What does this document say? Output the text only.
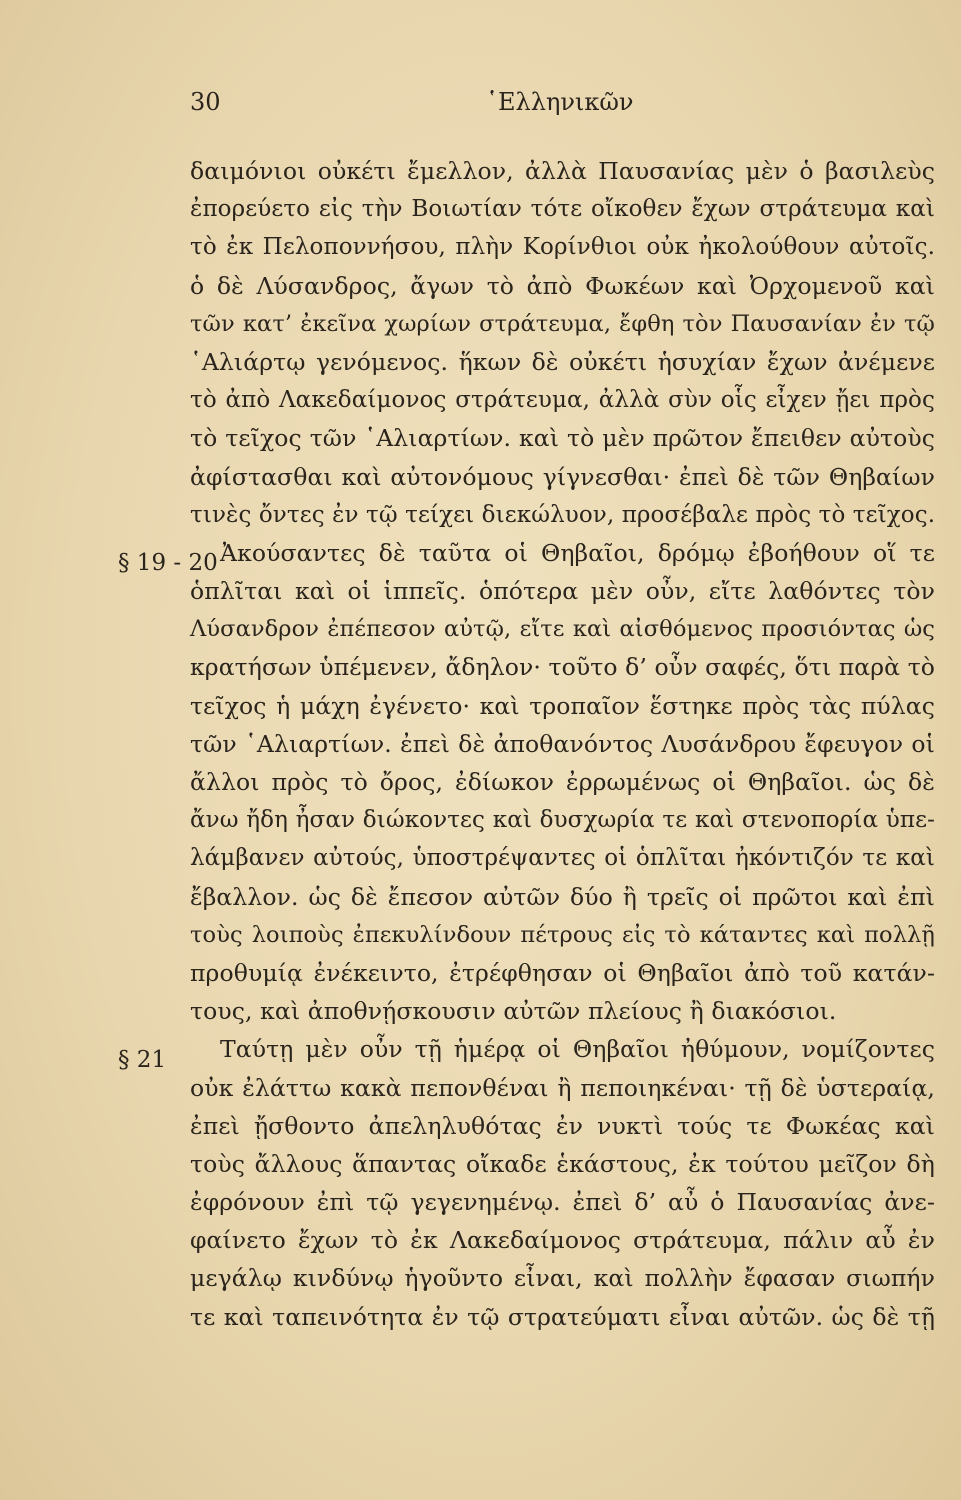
30	῾Ελληνικῶν
§ 19 - 20
§ 21
δαιμόνιοι οὐκέτι ἔμελλον, ἀλλὰ Παυσανίας μὲν ὁ βασιλεὺς
ἐπορεύετο εἰς τὴν Βοιωτίαν τότε οἴκοθεν ἔχων στράτευμα καὶ
τὸ ἐκ Πελοποννήσου, πλὴν Κορίνθιοι οὐκ ἠκολούθουν αὐτοῖς.
ὁ δὲ Λύσανδρος, ἄγων τὸ ἀπὸ Φωκέων καὶ Ὀρχομενοῦ καὶ
τῶν κατ’ ἐκεῖνα χωρίων στράτευμα, ἔφθη τὸν Παυσανίαν ἐν τῷ
῾Αλιάρτῳ γενόμενος. ἥκων δὲ οὐκέτι ἡσυχίαν ἔχων ἀνέμενε
τὸ ἀπὸ Λακεδαίμονος στράτευμα, ἀλλὰ σὺν οἷς εἶχεν ᾔει πρὸς
τὸ τεῖχος τῶν ῾Αλιαρτίων. καὶ τὸ μὲν πρῶτον ἔπειθεν αὐτοὺς
ἀφίστασθαι καὶ αὐτονόμους γίγνεσθαι· ἐπεὶ δὲ τῶν Θηβαίων
τινὲς ὄντες ἐν τῷ τείχει διεκώλυον, προσέβαλε πρὸς τὸ τεῖχος.
Ἀκούσαντες δὲ ταῦτα οἱ Θηβαῖοι, δρόμῳ ἐβοήθουν οἵ τε
ὁπλῖται καὶ οἱ ἱππεῖς. ὁπότερα μὲν οὖν, εἴτε λαθόντες τὸν
Λύσανδρον ἐπέπεσον αὐτῷ, εἴτε καὶ αἰσθόμενος προσιόντας ὡς
κρατήσων ὑπέμενεν, ἄδηλον· τοῦτο δ’ οὖν σαφές, ὅτι παρὰ τὸ
τεῖχος ἡ μάχη ἐγένετο· καὶ τροπαῖον ἕστηκε πρὸς τὰς πύλας
τῶν ῾Αλιαρτίων. ἐπεὶ δὲ ἀποθανόντος Λυσάνδρου ἔφευγον οἱ
ἄλλοι πρὸς τὸ ὄρος, ἐδίωκον ἐρρωμένως οἱ Θηβαῖοι. ὡς δὲ
ἄνω ἤδη ἦσαν διώκοντες καὶ δυσχωρία τε καὶ στενοπορία ὑπε-
λάμβανεν αὐτούς, ὑποστρέψαντες οἱ ὁπλῖται ἠκόντιζόν τε καὶ
ἔβαλλον. ὡς δὲ ἔπεσον αὐτῶν δύο ἢ τρεῖς οἱ πρῶτοι καὶ ἐπὶ
τοὺς λοιποὺς ἐπεκυλίνδουν πέτρους εἰς τὸ κάταντες καὶ πολλῇ
προθυμίᾳ ἐνέκειντο, ἐτρέφθησαν οἱ Θηβαῖοι ἀπὸ τοῦ κατάν-
τους, καὶ ἀποθνῄσκουσιν αὐτῶν πλείους ἢ διακόσιοι.
Ταύτῃ μὲν οὖν τῇ ἡμέρᾳ οἱ Θηβαῖοι ἠθύμουν, νομίζοντες
οὐκ ἐλάττω κακὰ πεπονθέναι ἢ πεποιηκέναι· τῇ δὲ ὑστεραίᾳ,
ἐπεὶ ᾔσθοντο ἀπεληλυθότας ἐν νυκτὶ τούς τε Φωκέας καὶ
τοὺς ἄλλους ἅπαντας οἴκαδε ἑκάστους, ἐκ τούτου μεῖζον δὴ
ἐφρόνουν ἐπὶ τῷ γεγενημένῳ. ἐπεὶ δ’ αὖ ὁ Παυσανίας ἀνε-
φαίνετο ἔχων τὸ ἐκ Λακεδαίμονος στράτευμα, πάλιν αὖ ἐν
μεγάλῳ κινδύνῳ ἡγοῦντο εἶναι, καὶ πολλὴν ἔφασαν σιωπήν
τε καὶ ταπεινότητα ἐν τῷ στρατεύματι εἶναι αὐτῶν. ὡς δὲ τῇ
